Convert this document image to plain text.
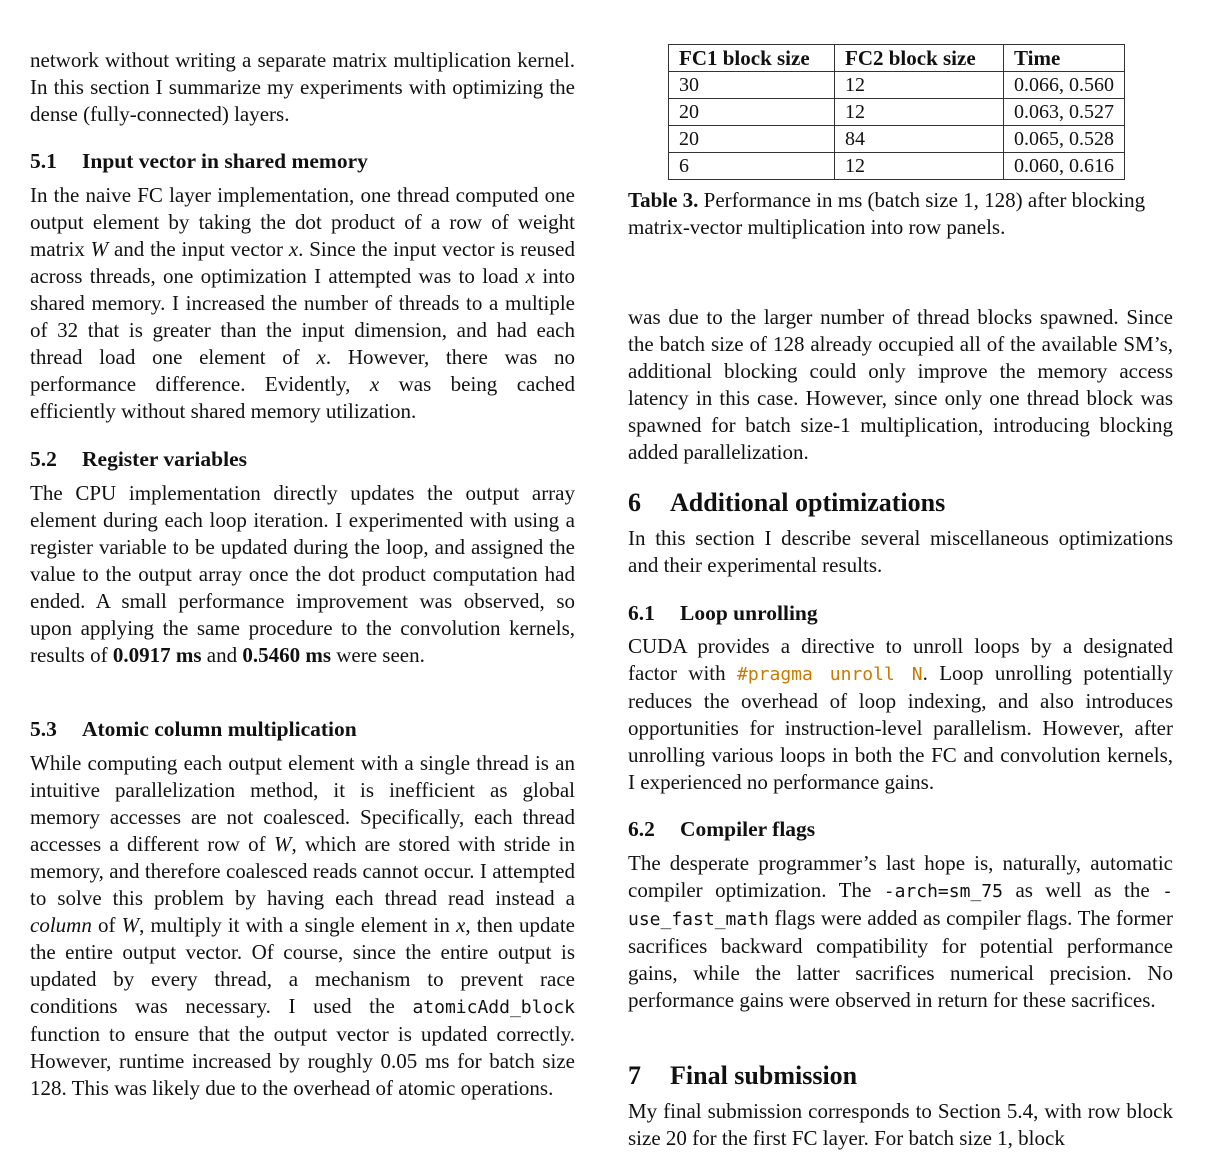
network without writing a separate matrix multiplication kernel. In this section I summarize my experiments with optimizing the dense (fully-connected) layers.

5.1 Input vector in shared memory

In the naive FC layer implementation, one thread computed one output element by taking the dot product of a row of weight matrix W and the input vector x. Since the input vector is reused across threads, one optimization I attempted was to load x into shared memory. I increased the number of threads to a multiple of 32 that is greater than the input dimension, and had each thread load one element of x. However, there was no performance difference. Evidently, x was being cached efficiently without shared memory utilization.

5.2 Register variables

The CPU implementation directly updates the output array element during each loop iteration. I experimented with using a register variable to be updated during the loop, and assigned the value to the output array once the dot product computation had ended. A small performance improvement was observed, so upon applying the same procedure to the convolution kernels, results of 0.0917 ms and 0.5460 ms were seen.

5.3 Atomic column multiplication

While computing each output element with a single thread is an intuitive parallelization method, it is inefficient as global memory accesses are not coalesced. Specifically, each thread accesses a different row of W, which are stored with stride in memory, and therefore coalesced reads cannot occur. I attempted to solve this problem by having each thread read instead a column of W, multiply it with a single element in x, then update the entire output vector. Of course, since the entire output is updated by every thread, a mechanism to prevent race conditions was necessary. I used the atomicAdd_block function to ensure that the output vector is updated correctly. However, runtime increased by roughly 0.05 ms for batch size 128. This was likely due to the overhead of atomic operations.

FC1 block size	FC2 block size	Time
30	12	0.066, 0.560
20	12	0.063, 0.527
20	84	0.065, 0.528
6	12	0.060, 0.616

Table 3. Performance in ms (batch size 1, 128) after blocking matrix-vector multiplication into row panels.

was due to the larger number of thread blocks spawned. Since the batch size of 128 already occupied all of the available SM’s, additional blocking could only improve the memory access latency in this case. However, since only one thread block was spawned for batch size-1 multiplication, introducing blocking added parallelization.

6 Additional optimizations

In this section I describe several miscellaneous optimizations and their experimental results.

6.1 Loop unrolling

CUDA provides a directive to unroll loops by a designated factor with #pragma unroll N. Loop unrolling potentially reduces the overhead of loop indexing, and also introduces opportunities for instruction-level parallelism. However, after unrolling various loops in both the FC and convolution kernels, I experienced no performance gains.

6.2 Compiler flags

The desperate programmer’s last hope is, naturally, automatic compiler optimization. The -arch=sm_75 as well as the -use_fast_math flags were added as compiler flags. The former sacrifices backward compatibility for potential performance gains, while the latter sacrifices numerical precision. No performance gains were observed in return for these sacrifices.

7 Final submission

My final submission corresponds to Section 5.4, with row block size 20 for the first FC layer. For batch size 1, block
